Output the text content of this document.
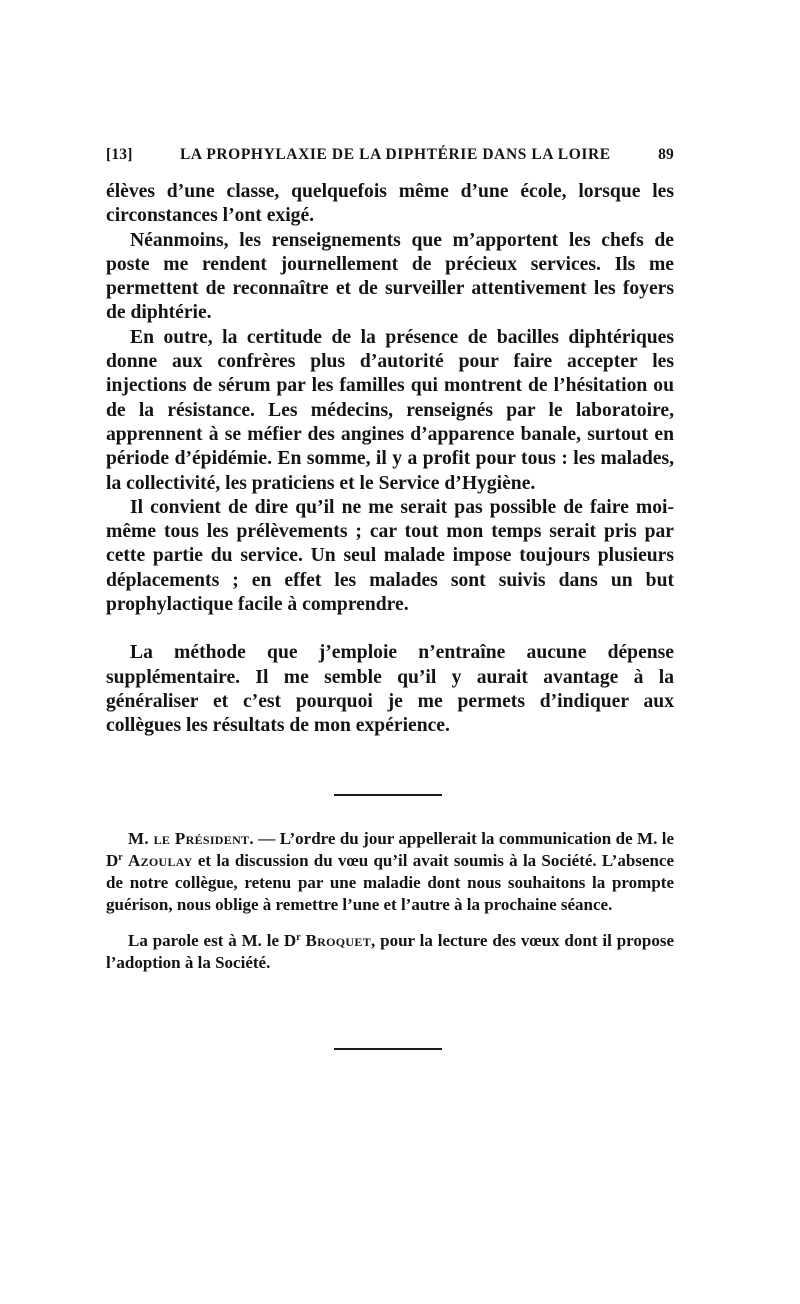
[13]	LA PROPHYLAXIE DE LA DIPHTÉRIE DANS LA LOIRE	89

élèves d’une classe, quelquefois même d’une école, lorsque les circonstances l’ont exigé.

Néanmoins, les renseignements que m’apportent les chefs de poste me rendent journellement de précieux services. Ils me permettent de reconnaître et de surveiller attentivement les foyers de diphtérie.

En outre, la certitude de la présence de bacilles diphtériques donne aux confrères plus d’autorité pour faire accepter les injections de sérum par les familles qui montrent de l’hésitation ou de la résistance. Les médecins, renseignés par le laboratoire, apprennent à se méfier des angines d’apparence banale, surtout en période d’épidémie. En somme, il y a profit pour tous : les malades, la collectivité, les praticiens et le Service d’Hygiène.

Il convient de dire qu’il ne me serait pas possible de faire moi-même tous les prélèvements ; car tout mon temps serait pris par cette partie du service. Un seul malade impose toujours plusieurs déplacements ; en effet les malades sont suivis dans un but prophylactique facile à comprendre.

La méthode que j’emploie n’entraîne aucune dépense supplémentaire. Il me semble qu’il y aurait avantage à la généraliser et c’est pourquoi je me permets d’indiquer aux collègues les résultats de mon expérience.

M. le Président. — L’ordre du jour appellerait la communication de M. le $D^r$ Azoulay et la discussion du vœu qu’il avait soumis à la Société. L’absence de notre collègue, retenu par une maladie dont nous souhaitons la prompte guérison, nous oblige à remettre l’une et l’autre à la prochaine séance.

La parole est à M. le $D^r$ Broquet, pour la lecture des vœux dont il propose l’adoption à la Société.
